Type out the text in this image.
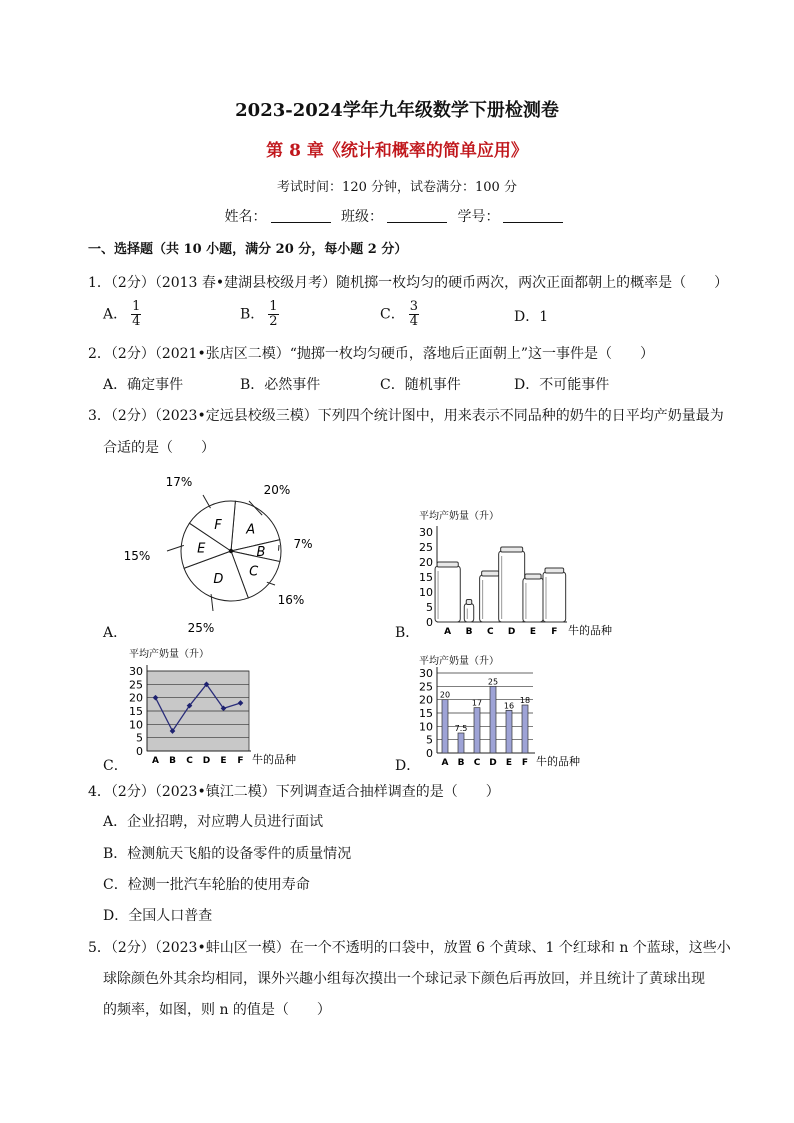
2023-2024学年九年级数学下册检测卷
第 8 章《统计和概率的简单应用》
考试时间：120 分钟，试卷满分：100 分
姓名：	班级：	学号：
一、选择题（共 10 小题，满分 20 分，每小题 2 分）
1．（2分）（2013 春•建湖县校级月考）随机掷一枚均匀的硬币两次，两次正面都朝上的概率是（　　）
A． $\frac{1}{4}$	B． $\frac{1}{2}$	C． $\frac{3}{4}$	D．1
2．（2分）（2021•张店区二模）“抛掷一枚均匀硬币，落地后正面朝上”这一事件是（　　）
A．确定事件	B．必然事件	C．随机事件	D．不可能事件
3．（2分）（2023•定远县校级三模）下列四个统计图中，用来表示不同品种的奶牛的日平均产奶量最为
合适的是（　　）
A
20%
B
7%
C
16%
D
25%
E
15%
F
17%
A．
0
5
10
15
20
25
30
平均产奶量（升）
A B C D E F 牛的品种
B．
0
5
10
15
20
25
30
平均产奶量（升）
A B C D E F 牛的品种
C．
0
5
10
15
20
25
30
平均产奶量（升）
A B C D E F 牛的品种
20
7.5
17
25
16
18
D．
4．（2分）（2023•镇江二模）下列调查适合抽样调查的是（　　）
A．企业招聘，对应聘人员进行面试
B．检测航天飞船的设备零件的质量情况
C．检测一批汽车轮胎的使用寿命
D．全国人口普查
5．（2分）（2023•蚌山区一模）在一个不透明的口袋中，放置 6 个黄球、1 个红球和 n 个蓝球，这些小
球除颜色外其余均相同，课外兴趣小组每次摸出一个球记录下颜色后再放回，并且统计了黄球出现
的频率，如图，则 n 的值是（　　）
